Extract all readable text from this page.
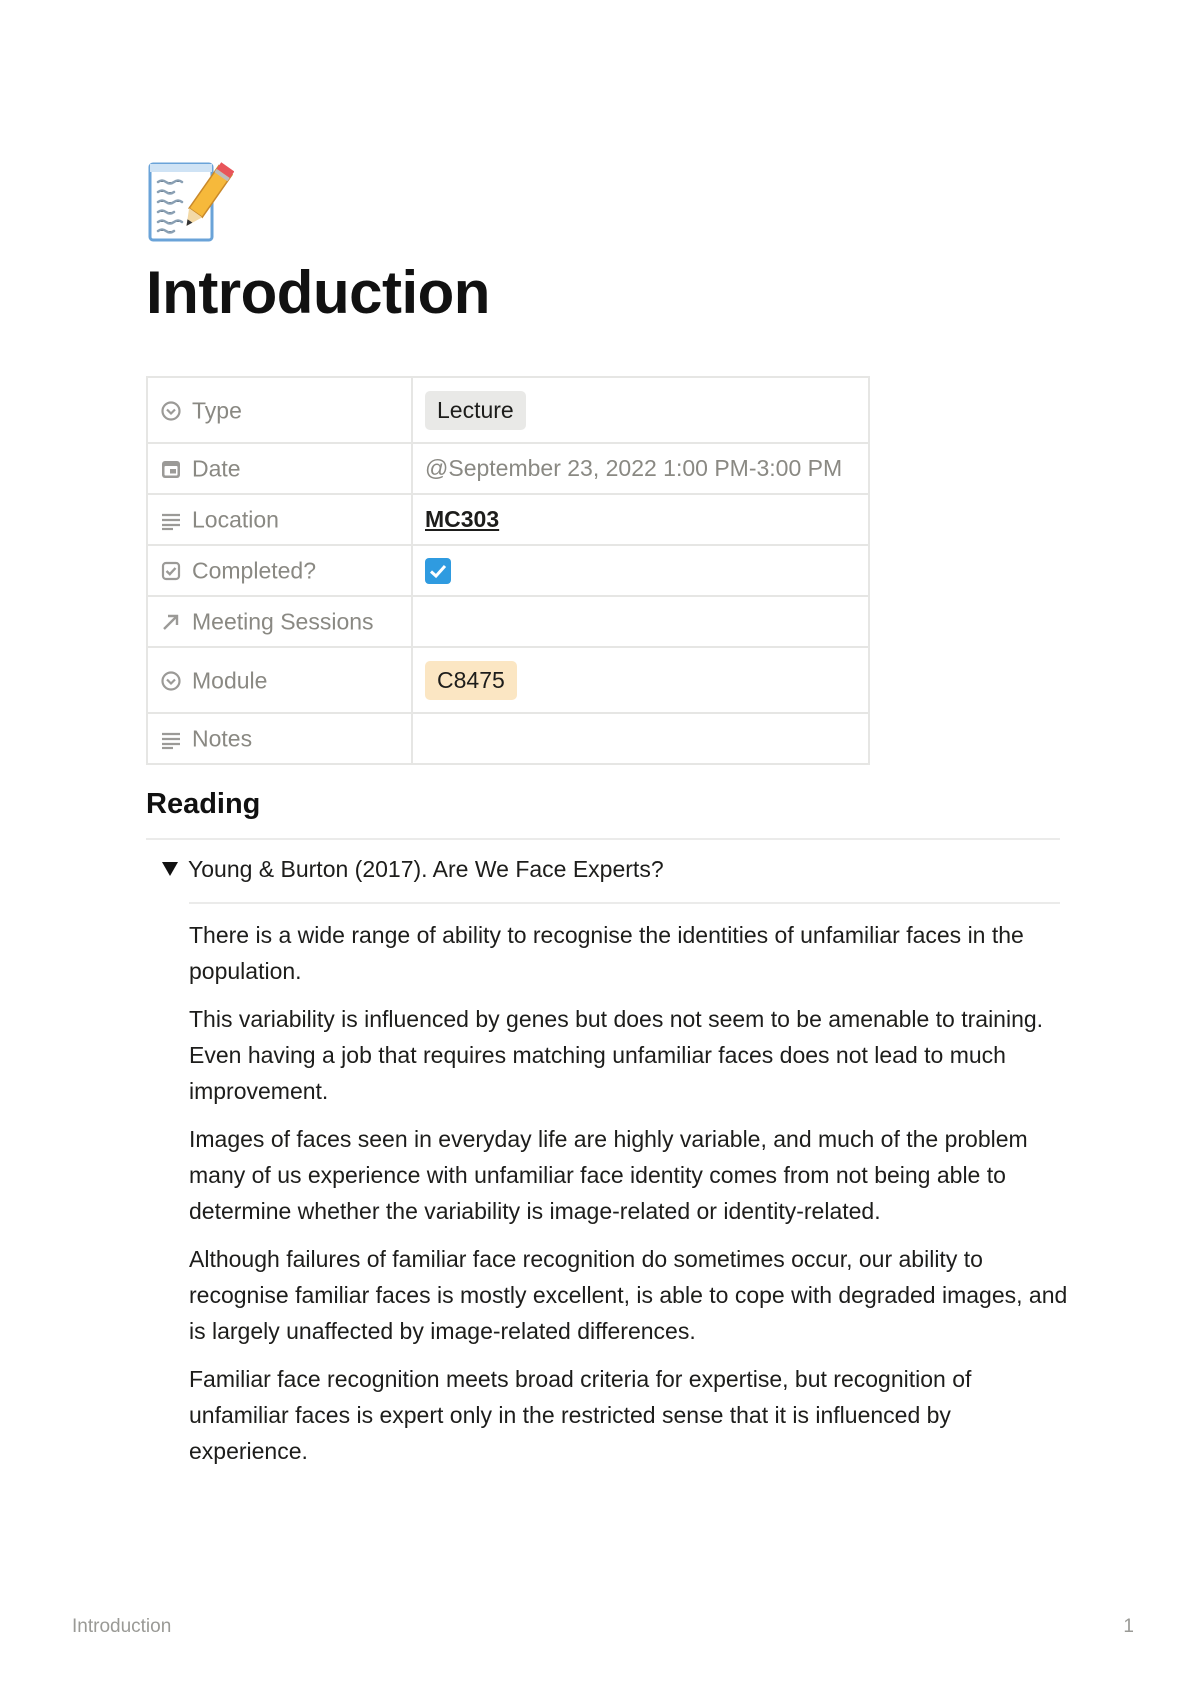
Introduction
Type	Lecture
Date	@September 23, 2022 1:00 PM-3:00 PM
Location	MC303
Completed?	
Meeting Sessions	
Module	C8475
Notes	
Reading
Young & Burton (2017). Are We Face Experts?

There is a wide range of ability to recognise the identities of unfamiliar faces in the population.

This variability is influenced by genes but does not seem to be amenable to training. Even having a job that requires matching unfamiliar faces does not lead to much improvement.

Images of faces seen in everyday life are highly variable, and much of the problem many of us experience with unfamiliar face identity comes from not being able to determine whether the variability is image-related or identity-related.

Although failures of familiar face recognition do sometimes occur, our ability to recognise familiar faces is mostly excellent, is able to cope with degraded images, and is largely unaffected by image-related differences.

Familiar face recognition meets broad criteria for expertise, but recognition of unfamiliar faces is expert only in the restricted sense that it is influenced by experience.

Introduction	1
